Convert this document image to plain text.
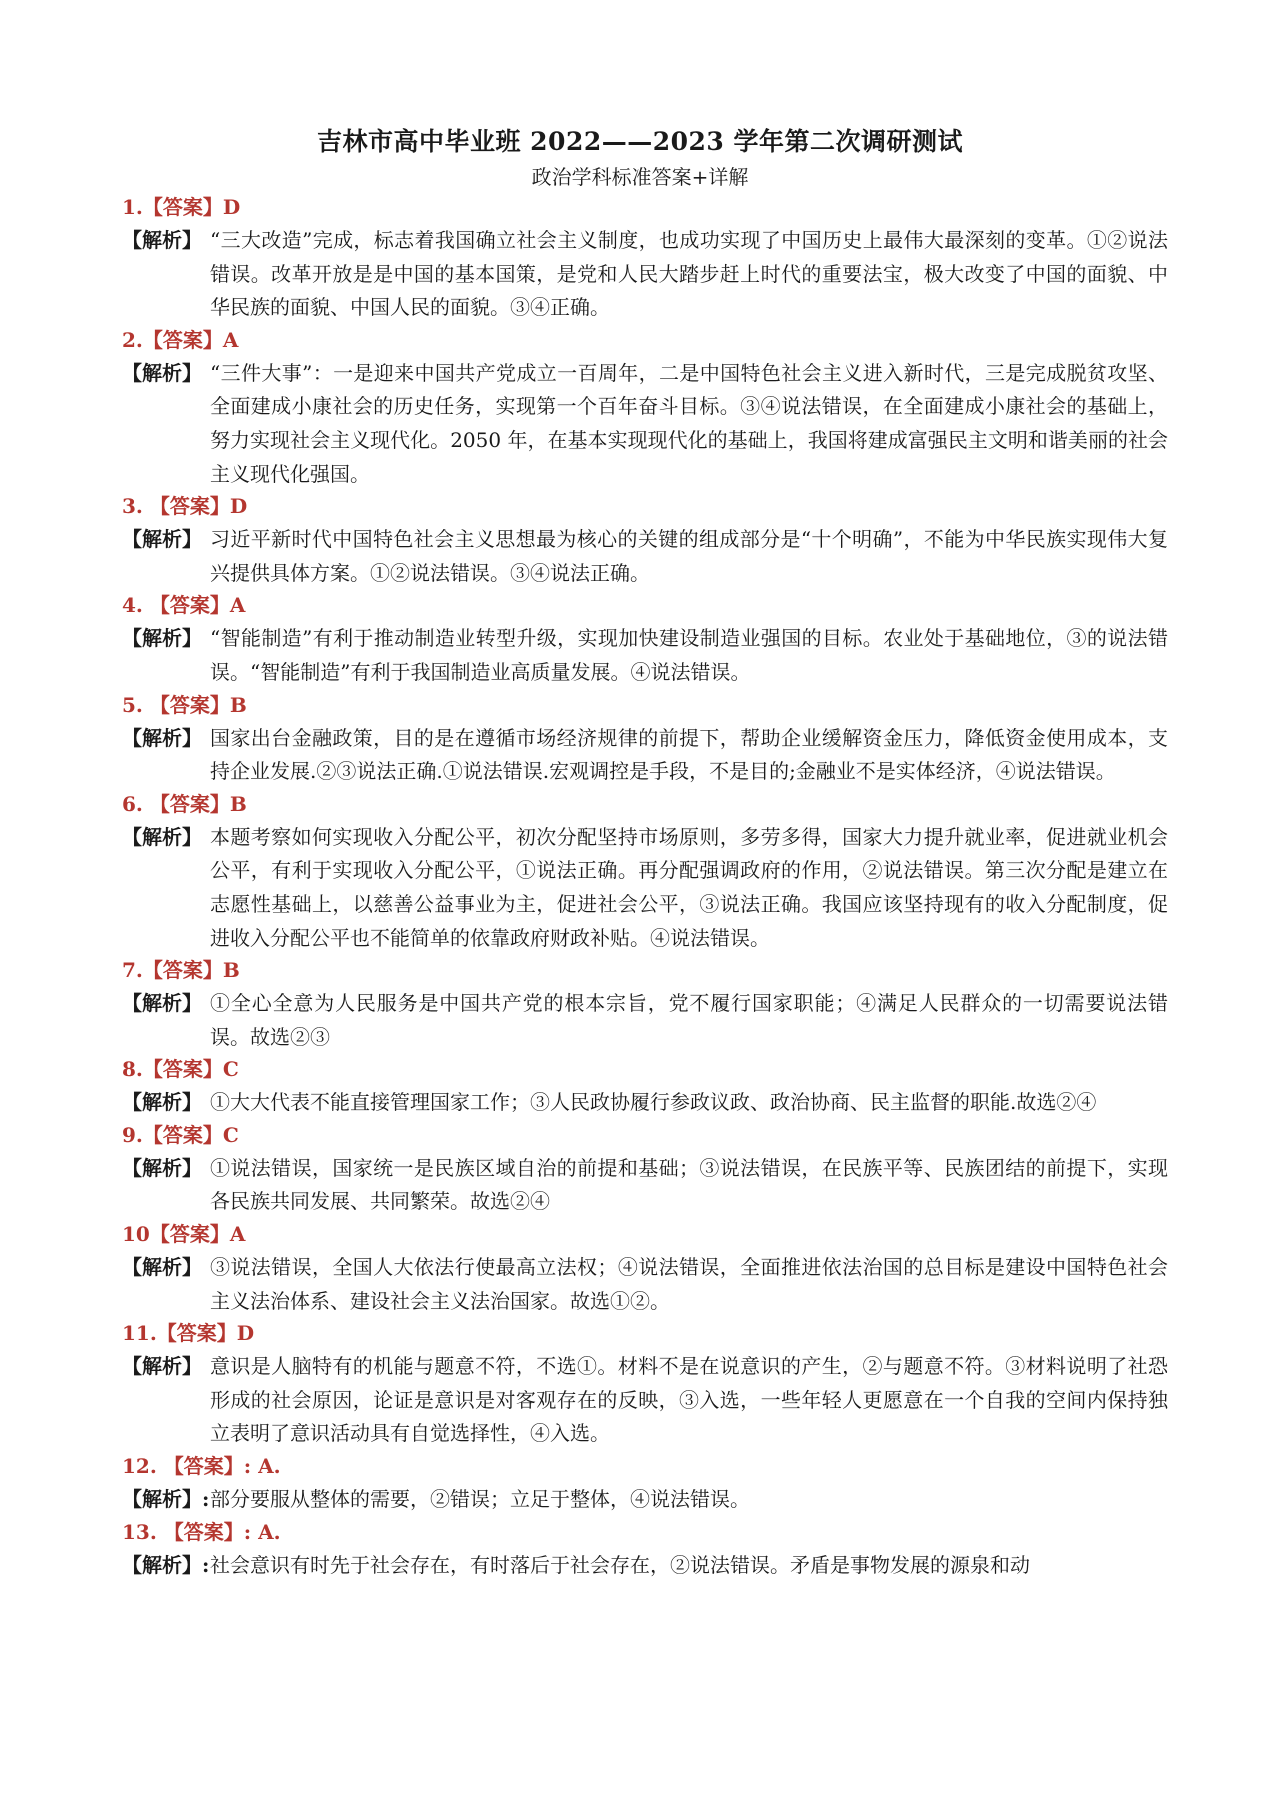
吉林市高中毕业班 2022——2023 学年第二次调研测试
政治学科标准答案+详解
1.【答案】D
【解析】 “三大改造”完成，标志着我国确立社会主义制度，也成功实现了中国历史上最伟大最深刻的变革。①②说法错误。改革开放是是中国的基本国策，是党和人民大踏步赶上时代的重要法宝，极大改变了中国的面貌、中华民族的面貌、中国人民的面貌。③④正确。
2.【答案】A
【解析】 “三件大事”：一是迎来中国共产党成立一百周年，二是中国特色社会主义进入新时代，三是完成脱贫攻坚、全面建成小康社会的历史任务，实现第一个百年奋斗目标。③④说法错误，在全面建成小康社会的基础上，努力实现社会主义现代化。2050 年，在基本实现现代化的基础上，我国将建成富强民主文明和谐美丽的社会主义现代化强国。
3. 【答案】D
【解析】 习近平新时代中国特色社会主义思想最为核心的关键的组成部分是“十个明确”，不能为中华民族实现伟大复兴提供具体方案。①②说法错误。③④说法正确。
4. 【答案】A
【解析】 “智能制造”有利于推动制造业转型升级，实现加快建设制造业强国的目标。农业处于基础地位，③的说法错误。“智能制造”有利于我国制造业高质量发展。④说法错误。
5. 【答案】B
【解析】 国家出台金融政策，目的是在遵循市场经济规律的前提下，帮助企业缓解资金压力，降低资金使用成本，支持企业发展.②③说法正确.①说法错误.宏观调控是手段，不是目的;金融业不是实体经济，④说法错误。
6. 【答案】B
【解析】 本题考察如何实现收入分配公平，初次分配坚持市场原则，多劳多得，国家大力提升就业率，促进就业机会公平，有利于实现收入分配公平，①说法正确。再分配强调政府的作用，②说法错误。第三次分配是建立在志愿性基础上，以慈善公益事业为主，促进社会公平，③说法正确。我国应该坚持现有的收入分配制度，促进收入分配公平也不能简单的依靠政府财政补贴。④说法错误。
7.【答案】B
【解析】 ①全心全意为人民服务是中国共产党的根本宗旨，党不履行国家职能；④满足人民群众的一切需要说法错误。故选②③
8.【答案】C
【解析】 ①大大代表不能直接管理国家工作；③人民政协履行参政议政、政治协商、民主监督的职能.故选②④
9.【答案】C
【解析】 ①说法错误，国家统一是民族区域自治的前提和基础；③说法错误，在民族平等、民族团结的前提下，实现各民族共同发展、共同繁荣。故选②④
10【答案】A
【解析】 ③说法错误，全国人大依法行使最高立法权；④说法错误，全面推进依法治国的总目标是建设中国特色社会主义法治体系、建设社会主义法治国家。故选①②。
11.【答案】D
【解析】 意识是人脑特有的机能与题意不符，不选①。材料不是在说意识的产生，②与题意不符。③材料说明了社恐形成的社会原因，论证是意识是对客观存在的反映，③入选，一些年轻人更愿意在一个自我的空间内保持独立表明了意识活动具有自觉选择性，④入选。
12. 【答案】: A.
【解析】: 部分要服从整体的需要，②错误；立足于整体，④说法错误。
13. 【答案】: A.
【解析】: 社会意识有时先于社会存在，有时落后于社会存在，②说法错误。矛盾是事物发展的源泉和动
